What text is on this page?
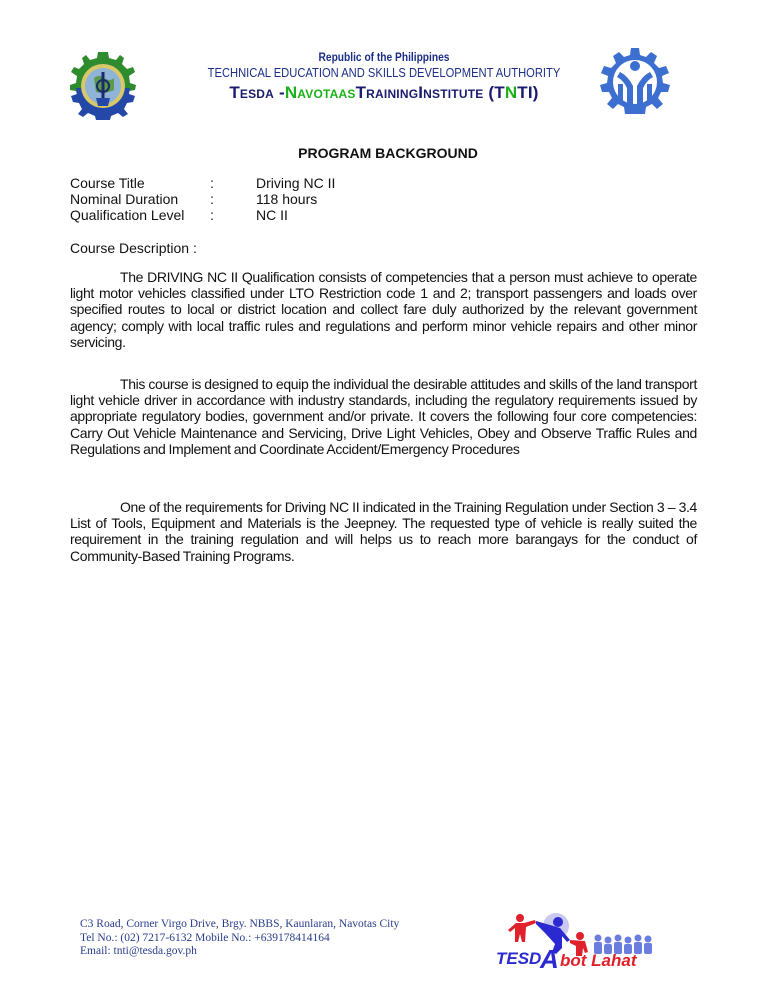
Republic of the Philippines
TECHNICAL EDUCATION AND SKILLS DEVELOPMENT AUTHORITY
Tesda -NavotaasTrainingInstitute (TNTI)
PROGRAM BACKGROUND
Course Title	:	Driving NC II
Nominal Duration	:	118 hours
Qualification Level	:	NC II
Course Description :

The DRIVING NC II Qualification consists of competencies that a person must achieve to operate light motor vehicles classified under LTO Restriction code 1 and 2; transport passengers and loads over specified routes to local or district location and collect fare duly authorized by the relevant government agency; comply with local traffic rules and regulations and perform minor vehicle repairs and other minor servicing.

This course is designed to equip the individual the desirable attitudes and skills of the land transport light vehicle driver in accordance with industry standards, including the regulatory requirements issued by appropriate regulatory bodies, government and/or private. It covers the following four core competencies: Carry Out Vehicle Maintenance and Servicing, Drive Light Vehicles, Obey and Observe Traffic Rules and Regulations and Implement and Coordinate Accident/Emergency Procedures

One of the requirements for Driving NC II indicated in the Training Regulation under Section 3 – 3.4 List of Tools, Equipment and Materials is the Jeepney. The requested type of vehicle is really suited the requirement in the training regulation and will helps us to reach more barangays for the conduct of Community-Based Training Programs.

C3 Road, Corner Virgo Drive, Brgy. NBBS, Kaunlaran, Navotas City
Tel No.: (02) 7217-6132 Mobile No.: +639178414164
Email: tnti@tesda.gov.ph	TESD
A bot Lahat
